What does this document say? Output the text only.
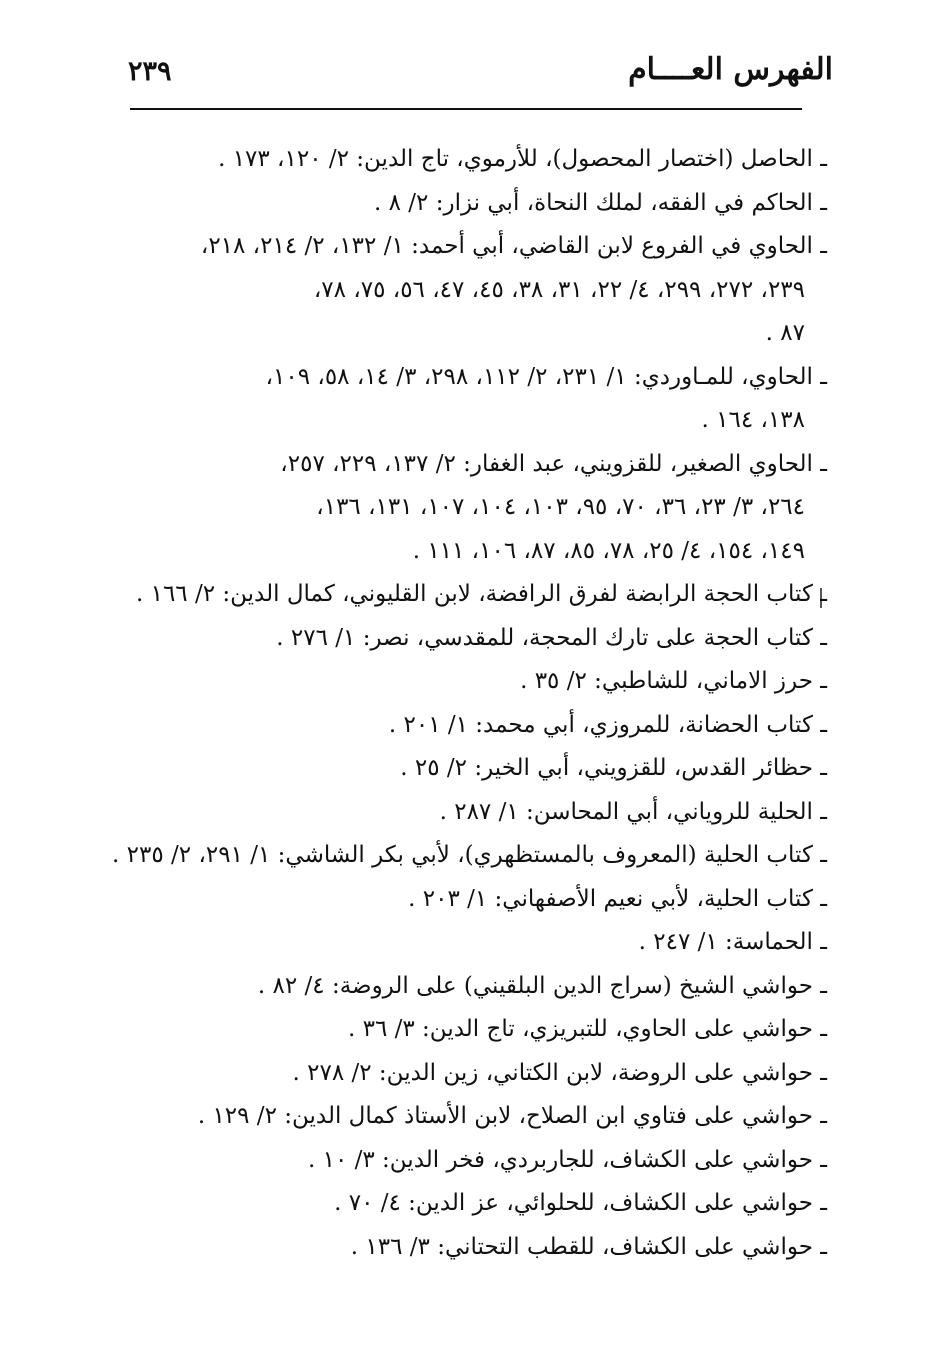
الفهرس العــــام
٢٣٩

ـ الحاصل (اختصار المحصول)، للأرموي، تاج الدين: ٢/ ١٢٠، ١٧٣ .

ـ الحاكم في الفقه، لملك النحاة، أبي نزار: ٢/ ٨ .

ـ الحاوي في الفروع لابن القاضي، أبي أحمد: ١/ ١٣٢، ٢/ ٢١٤، ٢١٨،

٢٣٩، ٢٧٢، ٢٩٩، ٤/ ٢٢، ٣١، ٣٨، ٤٥، ٤٧، ٥٦، ٧٥، ٧٨،

٨٧ .

ـ الحاوي، للمـاوردي: ١/ ٢٣١، ٢/ ١١٢، ٢٩٨، ٣/ ١٤، ٥٨، ١٠٩،

١٣٨، ١٦٤ .

ـ الحاوي الصغير، للقزويني، عبد الغفار: ٢/ ١٣٧، ٢٢٩، ٢٥٧،

٢٦٤، ٣/ ٢٣، ٣٦، ٧٠، ٩٥، ١٠٣، ١٠٤، ١٠٧، ١٣١، ١٣٦،

١٤٩، ١٥٤، ٤/ ٢٥، ٧٨، ٨٥، ٨٧، ١٠٦، ١١١ .

ـ كتاب الحجة الرابضة لفرق الرافضة، لابن القليوني، كمال الدين: ٢/ ١٦٦ .

ـ كتاب الحجة على تارك المحجة، للمقدسي، نصر: ١/ ٢٧٦ .

ـ حرز الاماني، للشاطبي: ٢/ ٣٥ .

ـ كتاب الحضانة، للمروزي، أبي محمد: ١/ ٢٠١ .

ـ حظائر القدس، للقزويني، أبي الخير: ٢/ ٢٥ .

ـ الحلية للروياني، أبي المحاسن: ١/ ٢٨٧ .

ـ كتاب الحلية (المعروف بالمستظهري)، لأبي بكر الشاشي: ١/ ٢٩١، ٢/ ٢٣٥ .

ـ كتاب الحلية، لأبي نعيم الأصفهاني: ١/ ٢٠٣ .

ـ الحماسة: ١/ ٢٤٧ .

ـ حواشي الشيخ (سراج الدين البلقيني) على الروضة: ٤/ ٨٢ .

ـ حواشي على الحاوي، للتبريزي، تاج الدين: ٣/ ٣٦ .

ـ حواشي على الروضة، لابن الكتاني، زين الدين: ٢/ ٢٧٨ .

ـ حواشي على فتاوي ابن الصلاح، لابن الأستاذ كمال الدين: ٢/ ١٢٩ .

ـ حواشي على الكشاف، للجاربردي، فخر الدين: ٣/ ١٠ .

ـ حواشي على الكشاف، للحلوائي، عز الدين: ٤/ ٧٠ .

ـ حواشي على الكشاف، للقطب التحتاني: ٣/ ١٣٦ .
